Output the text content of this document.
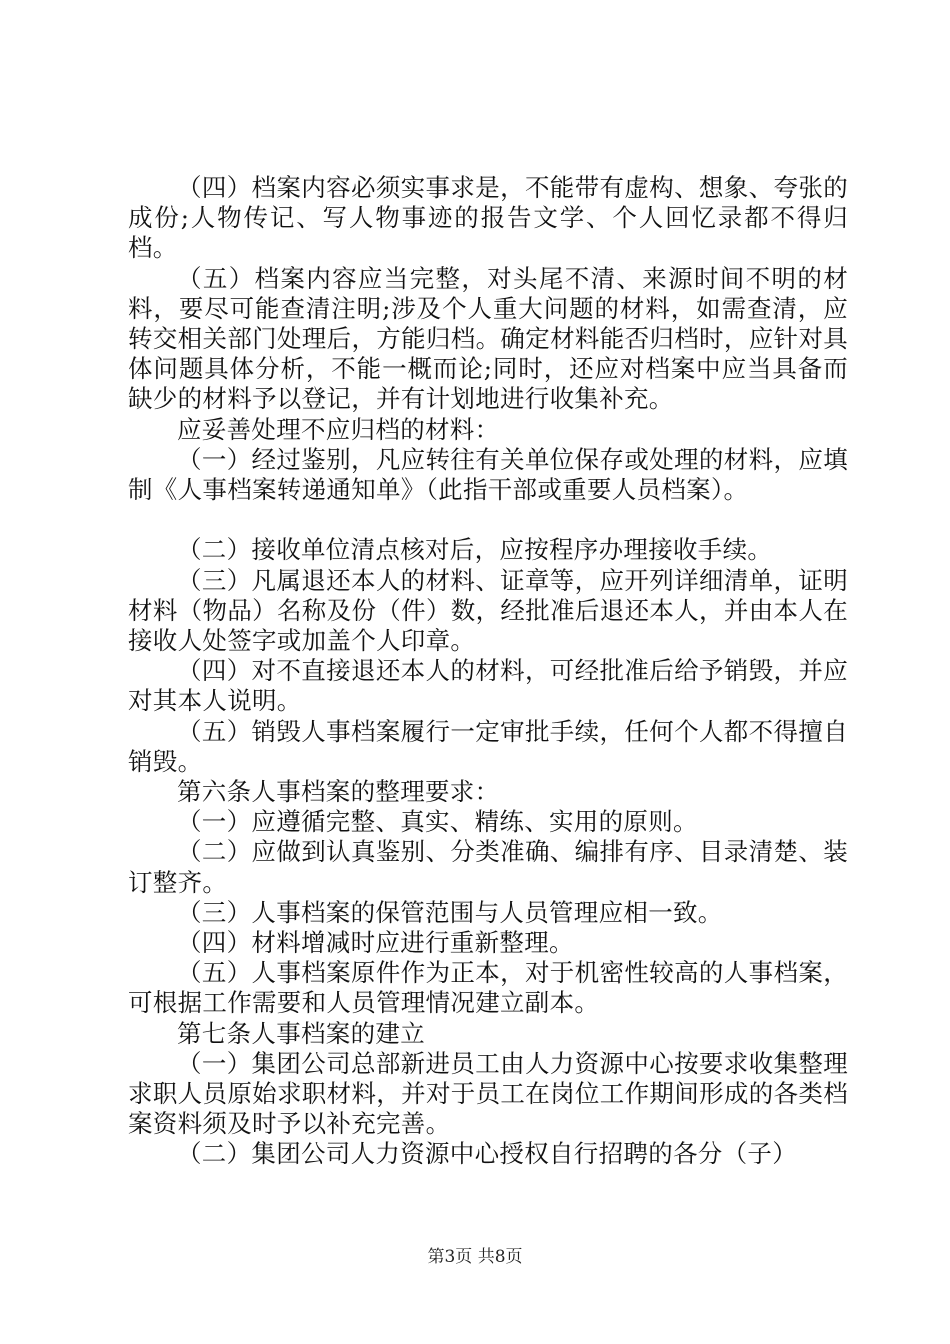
（四）档案内容必须实事求是，不能带有虚构、想象、夸张的成份;人物传记、写人物事迹的报告文学、个人回忆录都不得归档。

（五）档案内容应当完整，对头尾不清、来源时间不明的材料，要尽可能查清注明;涉及个人重大问题的材料，如需查清，应转交相关部门处理后，方能归档。确定材料能否归档时，应针对具体问题具体分析，不能一概而论;同时，还应对档案中应当具备而缺少的材料予以登记，并有计划地进行收集补充。

应妥善处理不应归档的材料：

（一）经过鉴别，凡应转往有关单位保存或处理的材料，应填制《人事档案转递通知单》（此指干部或重要人员档案）。

（二）接收单位清点核对后，应按程序办理接收手续。

（三）凡属退还本人的材料、证章等，应开列详细清单，证明材料（物品）名称及份（件）数，经批准后退还本人，并由本人在接收人处签字或加盖个人印章。

（四）对不直接退还本人的材料，可经批准后给予销毁，并应对其本人说明。

（五）销毁人事档案履行一定审批手续，任何个人都不得擅自销毁。

第六条人事档案的整理要求：

（一）应遵循完整、真实、精练、实用的原则。

（二）应做到认真鉴别、分类准确、编排有序、目录清楚、装订整齐。

（三）人事档案的保管范围与人员管理应相一致。

（四）材料增减时应进行重新整理。

（五）人事档案原件作为正本，对于机密性较高的人事档案，可根据工作需要和人员管理情况建立副本。

第七条人事档案的建立

（一）集团公司总部新进员工由人力资源中心按要求收集整理求职人员原始求职材料，并对于员工在岗位工作期间形成的各类档案资料须及时予以补充完善。

（二）集团公司人力资源中心授权自行招聘的各分（子）

第3页 共8页
